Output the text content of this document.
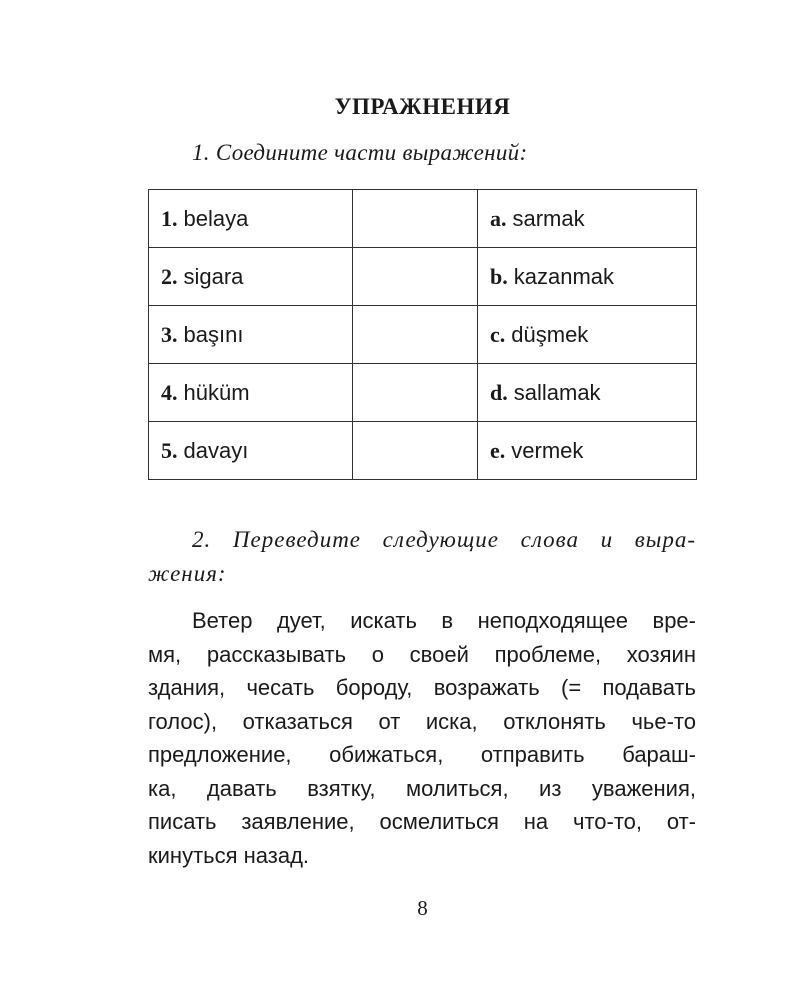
УПРАЖНЕНИЯ
1. Соедините части выражений:
1. belaya		a. sarmak
2. sigara		b. kazanmak
3. başını		c. düşmek
4. hüküm		d. sallamak
5. davayı		e. vermek
2. Переведите следующие слова и выра-
жения:
Ветер дует, искать в неподходящее вре-
мя, рассказывать о своей проблеме, хозяин
здания, чесать бороду, возражать (= подавать
голос), отказаться от иска, отклонять чье-то
предложение, обижаться, отправить бараш-
ка, давать взятку, молиться, из уважения,
писать заявление, осмелиться на что-то, от-
кинуться назад.
8
